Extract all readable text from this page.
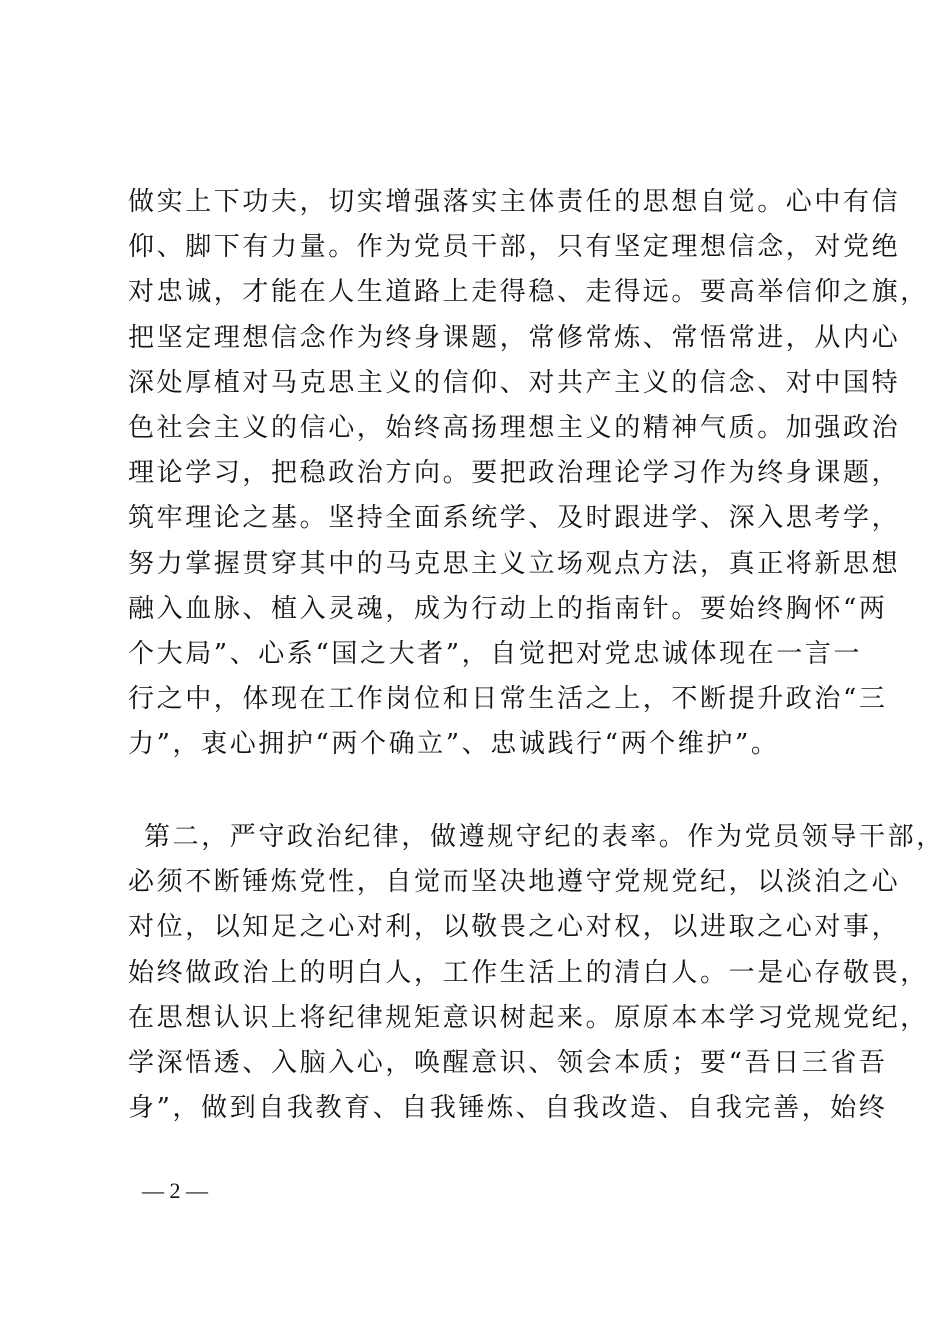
做实上下功夫，切实增强落实主体责任的思想自觉。心中有信
仰、脚下有力量。作为党员干部，只有坚定理想信念，对党绝
对忠诚，才能在人生道路上走得稳、走得远。要高举信仰之旗，
把坚定理想信念作为终身课题，常修常炼、常悟常进，从内心
深处厚植对马克思主义的信仰、对共产主义的信念、对中国特
色社会主义的信心，始终高扬理想主义的精神气质。加强政治
理论学习，把稳政治方向。要把政治理论学习作为终身课题，
筑牢理论之基。坚持全面系统学、及时跟进学、深入思考学，
努力掌握贯穿其中的马克思主义立场观点方法，真正将新思想
融入血脉、植入灵魂，成为行动上的指南针。要始终胸怀“两
个大局”、心系“国之大者”，自觉把对党忠诚体现在一言一
行之中，体现在工作岗位和日常生活之上，不断提升政治“三
力”，衷心拥护“两个确立”、忠诚践行“两个维护”。
第二，严守政治纪律，做遵规守纪的表率。作为党员领导干部，
必须不断锤炼党性，自觉而坚决地遵守党规党纪，以淡泊之心
对位，以知足之心对利，以敬畏之心对权，以进取之心对事，
始终做政治上的明白人，工作生活上的清白人。一是心存敬畏，
在思想认识上将纪律规矩意识树起来。原原本本学习党规党纪，
学深悟透、入脑入心，唤醒意识、领会本质；要“吾日三省吾
身”，做到自我教育、自我锤炼、自我改造、自我完善，始终
— 2 —
